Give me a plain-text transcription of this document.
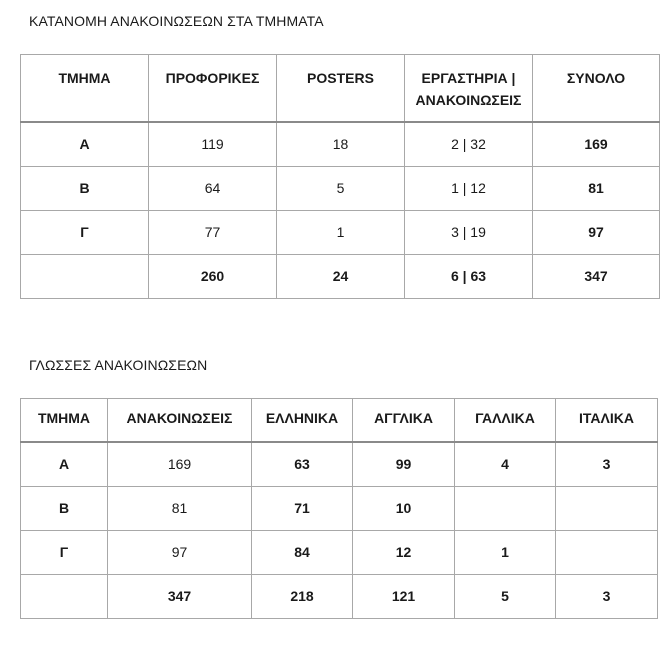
ΚΑΤΑΝΟΜΗ ΑΝΑΚΟΙΝΩΣΕΩΝ ΣΤΑ ΤΜΗΜΑΤΑ
ΤΜΗΜΑ	ΠΡΟΦΟΡΙΚΕΣ	POSTERS	ΕΡΓΑΣΤΗΡΙΑ |
ΑΝΑΚΟΙΝΩΣΕΙΣ	ΣΥΝΟΛΟ
Α	119	18	2 | 32	169
Β	64	5	1 | 12	81
Γ	77	1	3 | 19	97
	260	24	6 | 63	347
ΓΛΩΣΣΕΣ ΑΝΑΚΟΙΝΩΣΕΩΝ
ΤΜΗΜΑ	ΑΝΑΚΟΙΝΩΣΕΙΣ	ΕΛΛΗΝΙΚΑ	ΑΓΓΛΙΚΑ	ΓΑΛΛΙΚΑ	ΙΤΑΛΙΚΑ
Α	169	63	99	4	3
Β	81	71	10		
Γ	97	84	12	1	
	347	218	121	5	3
